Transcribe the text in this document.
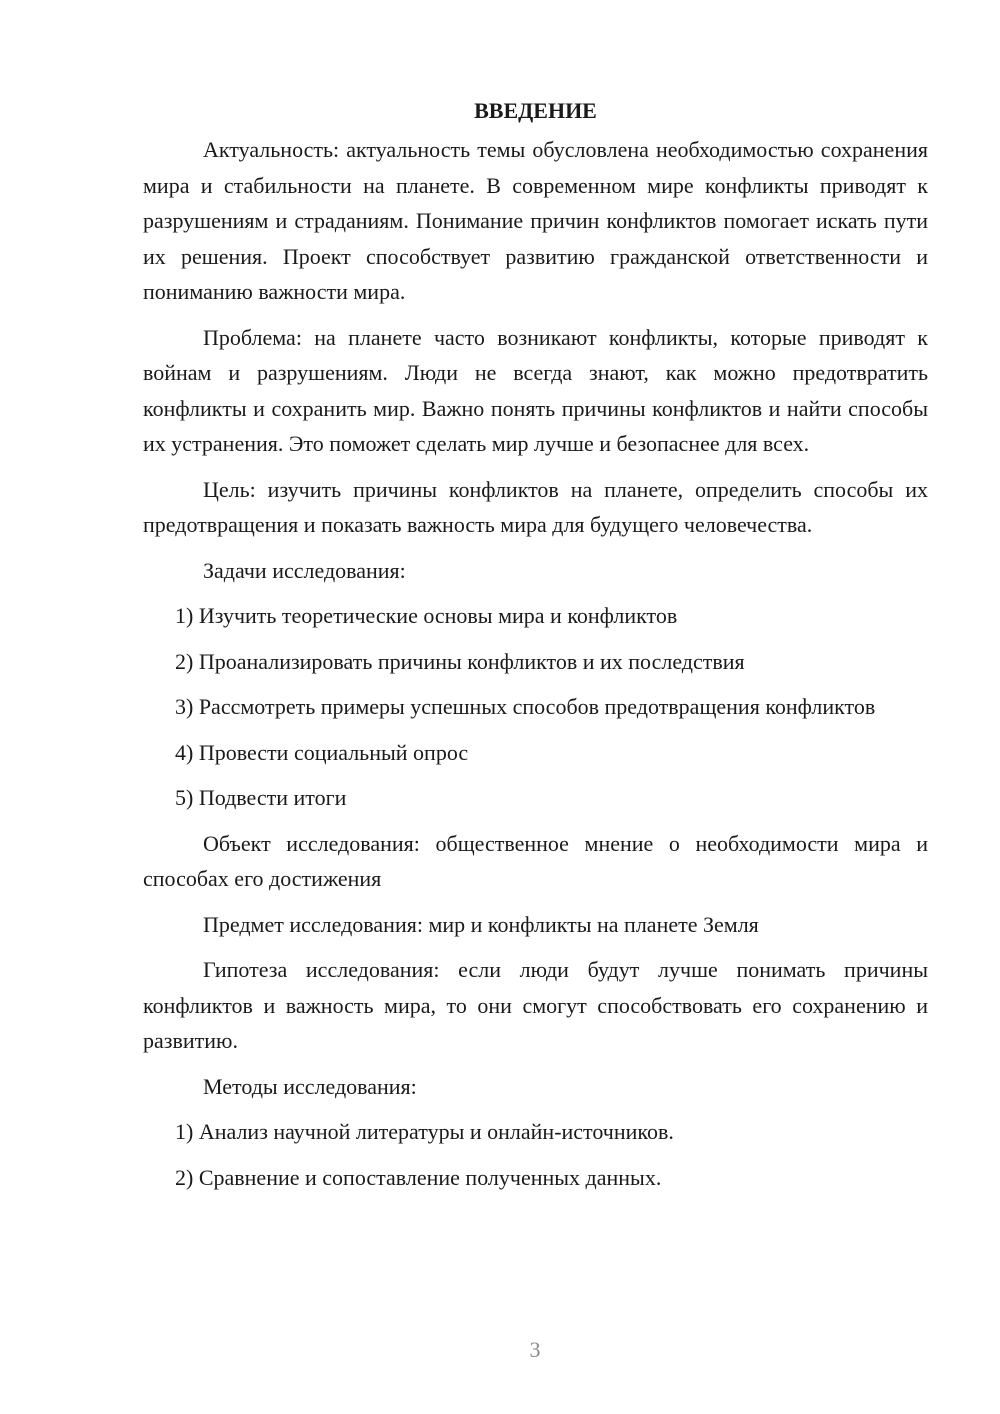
ВВЕДЕНИЕ

Актуальность: актуальность темы обусловлена необходимостью сохранения мира и стабильности на планете. В современном мире конфликты приводят к разрушениям и страданиям. Понимание причин конфликтов помогает искать пути их решения. Проект способствует развитию гражданской ответственности и пониманию важности мира.

Проблема: на планете часто возникают конфликты, которые приводят к войнам и разрушениям. Люди не всегда знают, как можно предотвратить конфликты и сохранить мир. Важно понять причины конфликтов и найти способы их устранения. Это поможет сделать мир лучше и безопаснее для всех.

Цель: изучить причины конфликтов на планете, определить способы их предотвращения и показать важность мира для будущего человечества.

Задачи исследования:

1) Изучить теоретические основы мира и конфликтов

2) Проанализировать причины конфликтов и их последствия

3) Рассмотреть примеры успешных способов предотвращения конфликтов

4) Провести социальный опрос

5) Подвести итоги

Объект исследования: общественное мнение о необходимости мира и способах его достижения

Предмет исследования: мир и конфликты на планете Земля

Гипотеза исследования: если люди будут лучше понимать причины конфликтов и важность мира, то они смогут способствовать его сохранению и развитию.

Методы исследования:

1) Анализ научной литературы и онлайн-источников.

2) Сравнение и сопоставление полученных данных.

3
